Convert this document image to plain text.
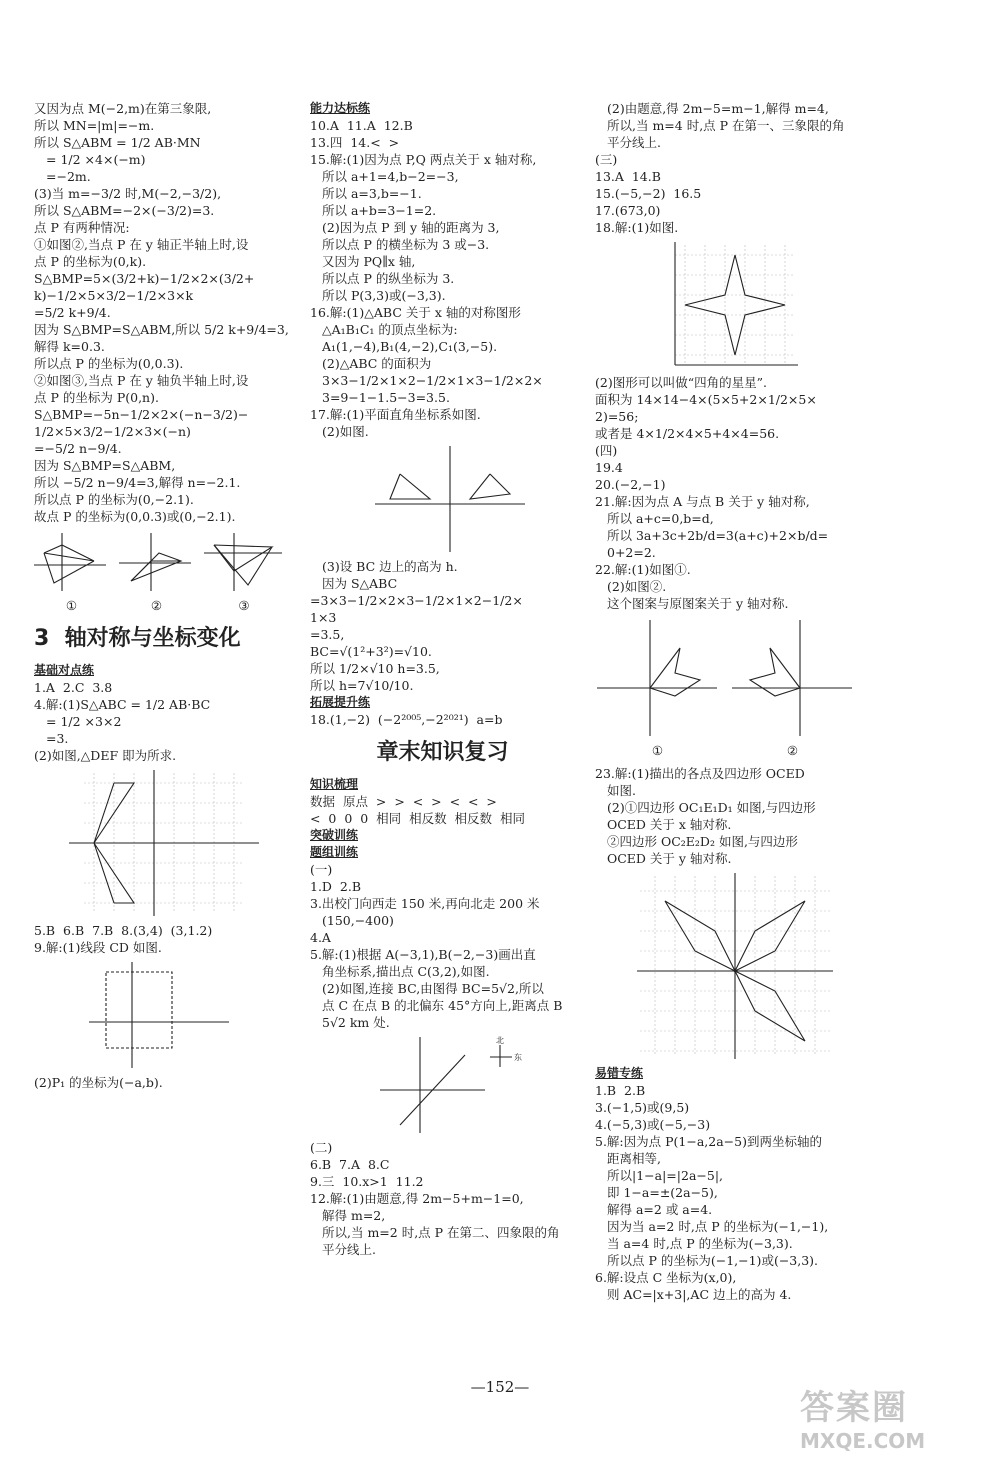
又因为点 M(−2,m)在第三象限,
所以 MN=|m|=−m.
所以 S△ABM = 1/2 AB·MN
= 1/2 ×4×(−m)
=−2m.
(3)当 m=−3/2 时,M(−2,−3/2),
所以 S△ABM=−2×(−3/2)=3.
点 P 有两种情况:
①如图②,当点 P 在 y 轴正半轴上时,设
点 P 的坐标为(0,k).
S△BMP=5×(3/2+k)−1/2×2×(3/2+
k)−1/2×5×3/2−1/2×3×k
=5/2 k+9/4.
因为 S△BMP=S△ABM,所以 5/2 k+9/4=3,
解得 k=0.3.
所以点 P 的坐标为(0,0.3).
②如图③,当点 P 在 y 轴负半轴上时,设
点 P 的坐标为 P(0,n).
S△BMP=−5n−1/2×2×(−n−3/2)−
1/2×5×3/2−1/2×3×(−n)
=−5/2 n−9/4.
因为 S△BMP=S△ABM,
所以 −5/2 n−9/4=3,解得 n=−2.1.
所以点 P 的坐标为(0,−2.1).
故点 P 的坐标为(0,0.3)或(0,−2.1).
①	②	③
3  轴对称与坐标变化
基础对点练
1.A  2.C  3.8
4.解:(1)S△ABC = 1/2 AB·BC
= 1/2 ×3×2
=3.
(2)如图,△DEF 即为所求.
5.B  6.B  7.B  8.(3,4)  (3,1.2)
9.解:(1)线段 CD 如图.
(2)P₁ 的坐标为(−a,b).
能力达标练
10.A  11.A  12.B
13.四  14.<  >
15.解:(1)因为点 P,Q 两点关于 x 轴对称,
所以 a+1=4,b−2=−3,
所以 a=3,b=−1.
所以 a+b=3−1=2.
(2)因为点 P 到 y 轴的距离为 3,
所以点 P 的横坐标为 3 或−3.
又因为 PQ∥x 轴,
所以点 P 的纵坐标为 3.
所以 P(3,3)或(−3,3).
16.解:(1)△ABC 关于 x 轴的对称图形
△A₁B₁C₁ 的顶点坐标为:
A₁(1,−4),B₁(4,−2),C₁(3,−5).
(2)△ABC 的面积为
3×3−1/2×1×2−1/2×1×3−1/2×2×
3=9−1−1.5−3=3.5.
17.解:(1)平面直角坐标系如图.
(2)如图.
(3)设 BC 边上的高为 h.
因为 S△ABC
=3×3−1/2×2×3−1/2×1×2−1/2×
1×3
=3.5,
BC=√(1²+3²)=√10.
所以 1/2×√10 h=3.5,
所以 h=7√10/10.
拓展提升练
18.(1,−2)  (−2²⁰⁰⁵,−2²⁰²¹)  a=b
章末知识复习
知识梳理
数据  原点  >  >  <  >  <  <  >
<  0  0  0  相同  相反数  相反数  相同
突破训练
题组训练
(一)
1.D  2.B
3.出校门向西走 150 米,再向北走 200 米
(150,−400)
4.A
5.解:(1)根据 A(−3,1),B(−2,−3)画出直
角坐标系,描出点 C(3,2),如图.
(2)如图,连接 BC,由图得 BC=5√2,所以
点 C 在点 B 的北偏东 45°方向上,距离点 B
5√2 km 处.
北
东
(二)
6.B  7.A  8.C
9.三  10.x>1  11.2
12.解:(1)由题意,得 2m−5+m−1=0,
解得 m=2,
所以,当 m=2 时,点 P 在第二、四象限的角
平分线上.
(2)由题意,得 2m−5=m−1,解得 m=4,
所以,当 m=4 时,点 P 在第一、三象限的角
平分线上.
(三)
13.A  14.B
15.(−5,−2)  16.5
17.(673,0)
18.解:(1)如图.
(2)图形可以叫做“四角的星星”.
面积为 14×14−4×(5×5+2×1/2×5×
2)=56;
或者是 4×1/2×4×5+4×4=56.
(四)
19.4
20.(−2,−1)
21.解:因为点 A 与点 B 关于 y 轴对称,
所以 a+c=0,b=d,
所以 3a+3c+2b/d=3(a+c)+2×b/d=
0+2=2.
22.解:(1)如图①.
(2)如图②.
这个图案与原图案关于 y 轴对称.
①	②
23.解:(1)描出的各点及四边形 OCED
如图.
(2)①四边形 OC₁E₁D₁ 如图,与四边形
OCED 关于 x 轴对称.
②四边形 OC₂E₂D₂ 如图,与四边形
OCED 关于 y 轴对称.
易错专练
1.B  2.B
3.(−1,5)或(9,5)
4.(−5,3)或(−5,−3)
5.解:因为点 P(1−a,2a−5)到两坐标轴的
距离相等,
所以|1−a|=|2a−5|,
即 1−a=±(2a−5),
解得 a=2 或 a=4.
因为当 a=2 时,点 P 的坐标为(−1,−1),
当 a=4 时,点 P 的坐标为(−3,3).
所以点 P 的坐标为(−1,−1)或(−3,3).
6.解:设点 C 坐标为(x,0),
则 AC=|x+3|,AC 边上的高为 4.
—152—
答案圈
MXQE.COM
